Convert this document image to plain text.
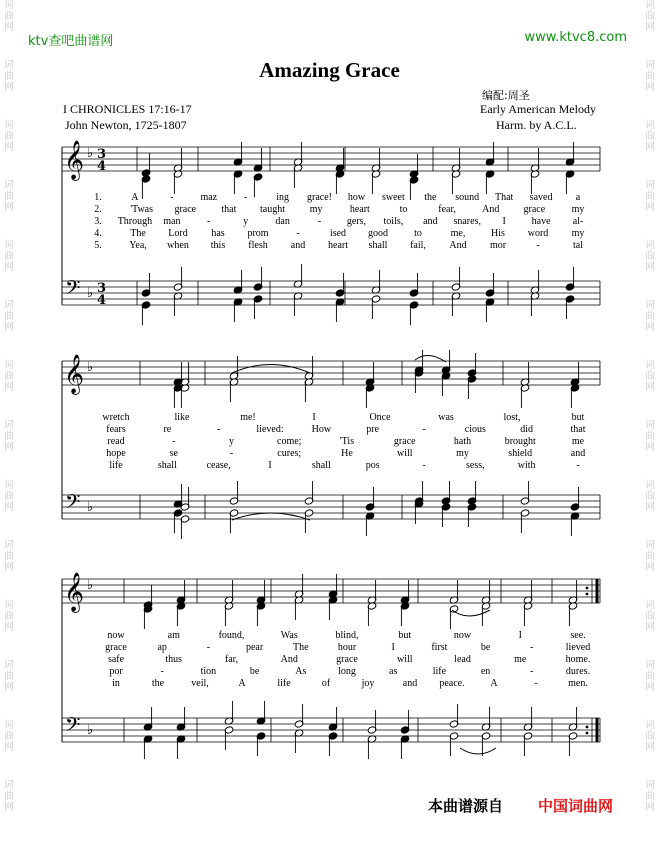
词
曲
网
词
曲
网
词
曲
网
词
曲
网
词
曲
网
词
曲
网
词
曲
网
词
曲
网
词
曲
网
词
曲
网
词
曲
网
词
曲
网
词
曲
网
词
曲
网
词
曲
网
词
曲
网
词
曲
网
词
曲
网
词
曲
网
词
曲
网
词
曲
网
词
曲
网
词
曲
网
词
曲
网
词
曲
网
词
曲
网
词
曲
网
词
曲
网
ktv查吧曲谱网	www.ktvc8.com
Amazing Grace
编配:周圣
I CHRONICLES 17:16-17
John Newton, 1725-1807
Early American Melody
Harm. by A.C.L.
𝄞
𝄢
♭
♭
3
4
3
4
𝄞
𝄢
♭
♭
𝄞
𝄢
♭
♭
1.	A	-	maz	-	ing grace! how sweet the sound That saved a
2.	'Twas grace	that taught my	heart	to	fear,	And grace	my
3. Through man	-	y	dan	-	gers, toils, and snares, I	have al-
4.	The Lord has prom	-	ised good	to	me,	His word my
5.	Yea, when this flesh and heart shall fail, And mor	-	tal
wretch	like	me!	I	Once	was	lost,	but
fears	re	-	lieved:	How	pre	-	cious	did	that
read	-	y	come;	'Tis	grace	hath	brought	me
hope	se	-	cures;	He	will	my	shield	and
life	shall	cease,	I	shall	pos	-	sess,	with	-
now	am	found,	Was	blind,	but	now	I	see.
grace	ap	-	pear	The	hour	I	first	be	-	lieved
safe	thus	far,	And	grace	will	lead	me	home.
por	-	tion	be	As	long	as	life	en	-	dures.
in	the	veil,	A	life	of	joy	and peace.	A	-	men.
本曲谱源自 中国词曲网
